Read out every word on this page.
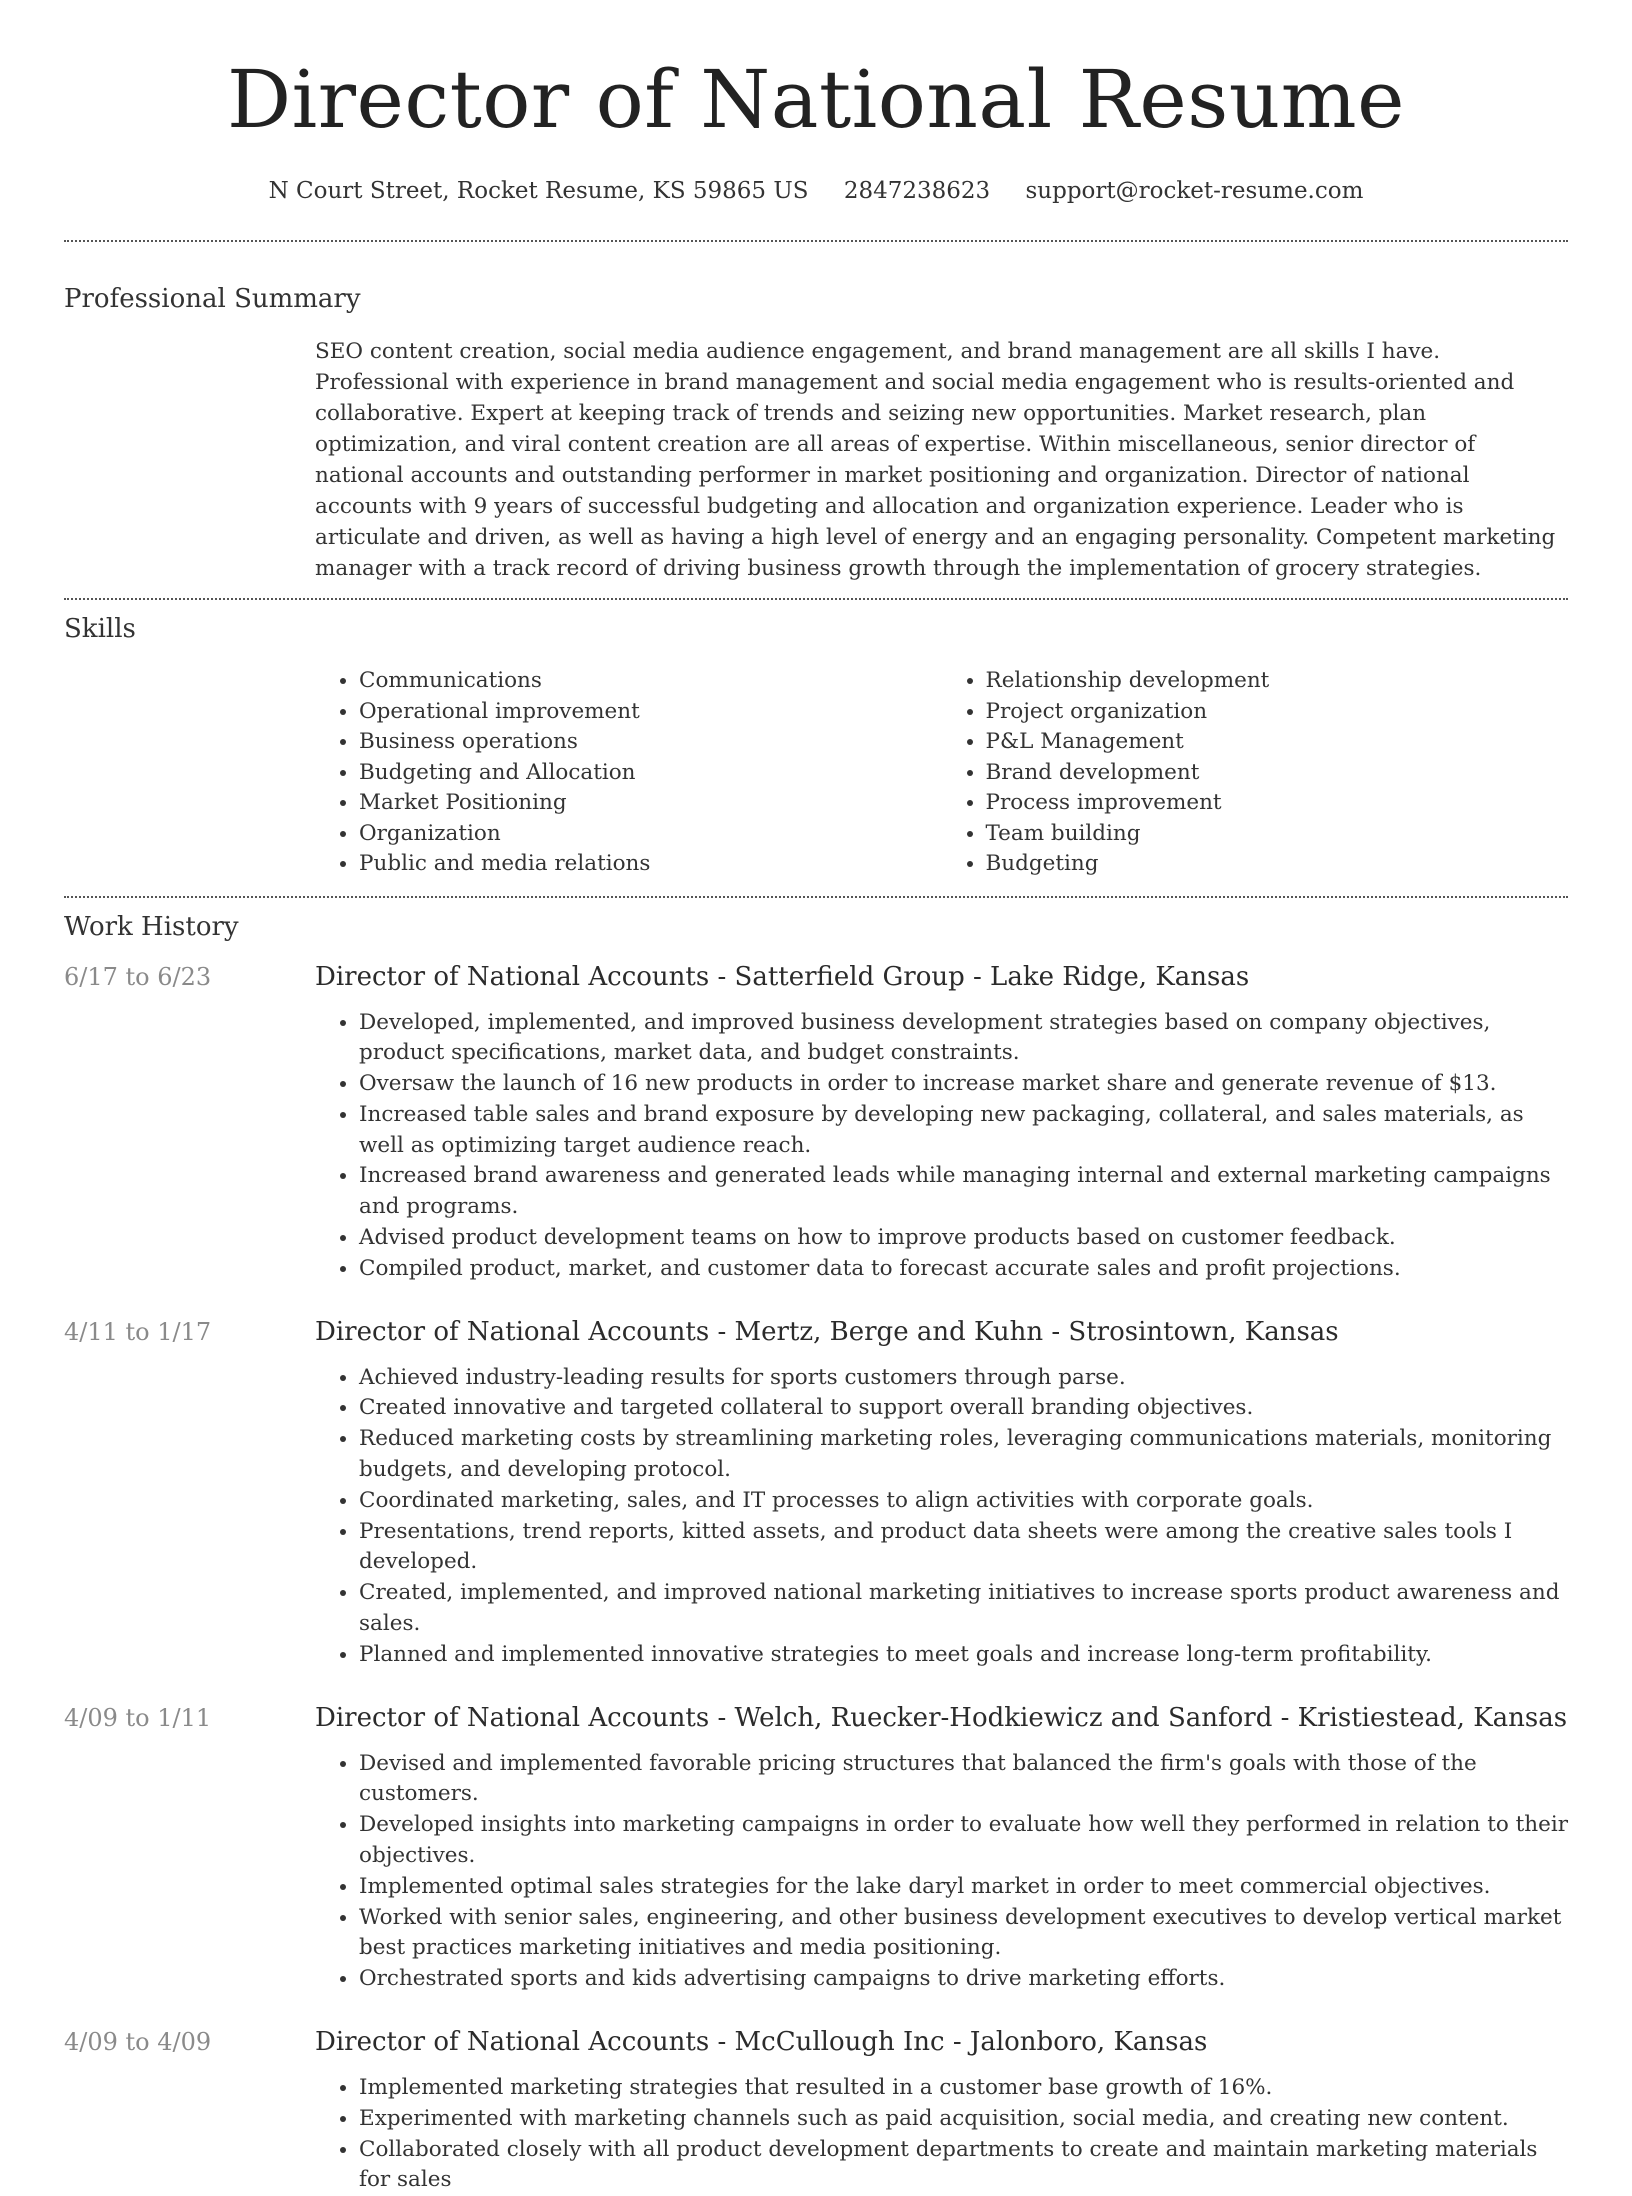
Director of National Resume
N Court Street, Rocket Resume, KS 59865 US 2847238623 support@rocket-resume.com
Professional Summary

SEO content creation, social media audience engagement, and brand management are all skills I have. Professional with experience in brand management and social media engagement who is results-oriented and collaborative. Expert at keeping track of trends and seizing new opportunities. Market research, plan optimization, and viral content creation are all areas of expertise. Within miscellaneous, senior director of national accounts and outstanding performer in market positioning and organization. Director of national accounts with 9 years of successful budgeting and allocation and organization experience. Leader who is articulate and driven, as well as having a high level of energy and an engaging personality. Competent marketing manager with a track record of driving business growth through the implementation of grocery strategies.

Skills
• Communications
• Operational improvement
• Business operations
• Budgeting and Allocation
• Market Positioning
• Organization
• Public and media relations
• Relationship development
• Project organization
• P&L Management
• Brand development
• Process improvement
• Team building
• Budgeting
Work History
6/17 to 6/23	Director of National Accounts - Satterfield Group - Lake Ridge, Kansas
• Developed, implemented, and improved business development strategies based on company objectives, product specifications, market data, and budget constraints.
• Oversaw the launch of 16 new products in order to increase market share and generate revenue of $13.
• Increased table sales and brand exposure by developing new packaging, collateral, and sales materials, as well as optimizing target audience reach.
• Increased brand awareness and generated leads while managing internal and external marketing campaigns and programs.
• Advised product development teams on how to improve products based on customer feedback.
• Compiled product, market, and customer data to forecast accurate sales and profit projections.
4/11 to 1/17	Director of National Accounts - Mertz, Berge and Kuhn - Strosintown, Kansas
• Achieved industry-leading results for sports customers through parse.
• Created innovative and targeted collateral to support overall branding objectives.
• Reduced marketing costs by streamlining marketing roles, leveraging communications materials, monitoring budgets, and developing protocol.
• Coordinated marketing, sales, and IT processes to align activities with corporate goals.
• Presentations, trend reports, kitted assets, and product data sheets were among the creative sales tools I developed.
• Created, implemented, and improved national marketing initiatives to increase sports product awareness and sales.
• Planned and implemented innovative strategies to meet goals and increase long-term profitability.
4/09 to 1/11	Director of National Accounts - Welch, Ruecker-Hodkiewicz and Sanford - Kristiestead, Kansas
• Devised and implemented favorable pricing structures that balanced the firm's goals with those of the customers.
• Developed insights into marketing campaigns in order to evaluate how well they performed in relation to their objectives.
• Implemented optimal sales strategies for the lake daryl market in order to meet commercial objectives.
• Worked with senior sales, engineering, and other business development executives to develop vertical market best practices marketing initiatives and media positioning.
• Orchestrated sports and kids advertising campaigns to drive marketing efforts.
4/09 to 4/09	Director of National Accounts - McCullough Inc - Jalonboro, Kansas
• Implemented marketing strategies that resulted in a customer base growth of 16%.
• Experimented with marketing channels such as paid acquisition, social media, and creating new content.
• Collaborated closely with all product development departments to create and maintain marketing materials for sales
